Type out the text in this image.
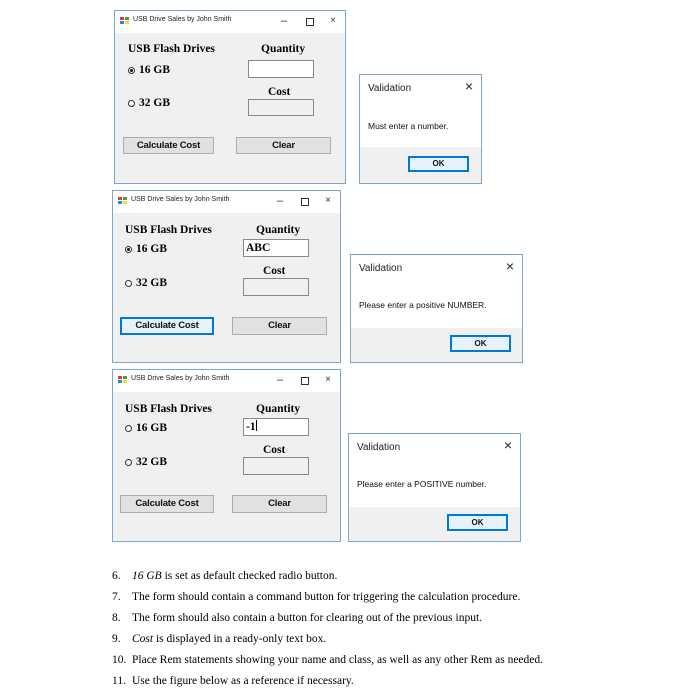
USB Drive Sales by John Smith	–	×
USB Flash Drives	Quantity
16 GB
Cost
32 GB
Calculate Cost	Clear
Validation	×
Must enter a number.
OK
USB Drive Sales by John Smith	–	×
USB Flash Drives	Quantity
16 GB	ABC
Cost
32 GB
Calculate Cost	Clear
Validation	×
Please enter a positive NUMBER.
OK
USB Drive Sales by John Smith	–	×
USB Flash Drives	Quantity
16 GB	-1
Cost
32 GB
Calculate Cost	Clear
Validation	×
Please enter a POSITIVE number.
OK
6. 16 GB is set as default checked radio button.
7. The form should contain a command button for triggering the calculation procedure.
8. The form should also contain a button for clearing out of the previous input.
9. Cost is displayed in a ready-only text box.
10. Place Rem statements showing your name and class, as well as any other Rem as needed.
11. Use the figure below as a reference if necessary.
